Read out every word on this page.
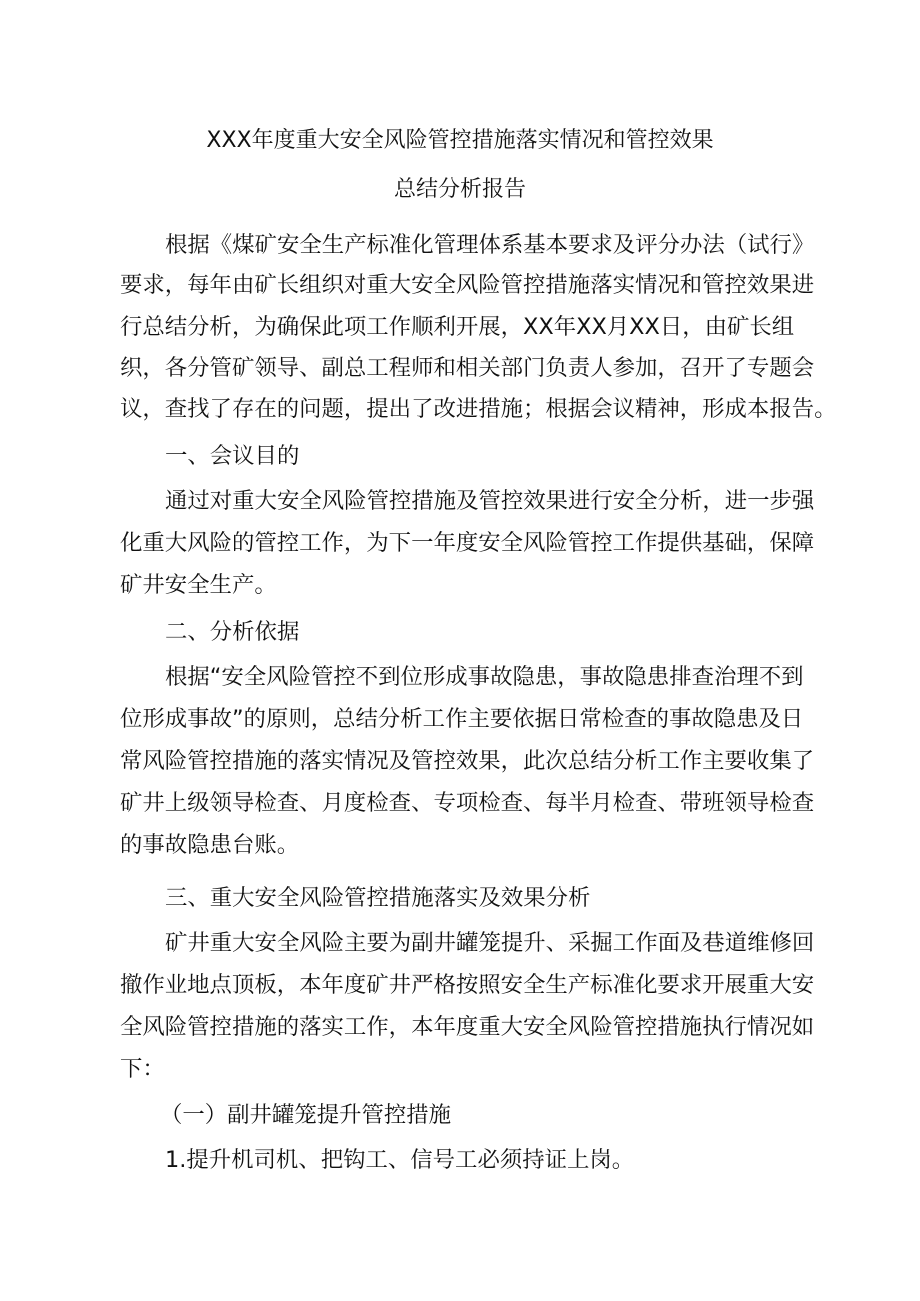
XXX年度重大安全风险管控措施落实情况和管控效果
总结分析报告
根据《煤矿安全生产标准化管理体系基本要求及评分办法（试行》
要求，每年由矿长组织对重大安全风险管控措施落实情况和管控效果进
行总结分析，为确保此项工作顺利开展，XX年XX月XX日，由矿长组
织，各分管矿领导、副总工程师和相关部门负责人参加，召开了专题会
议，查找了存在的问题，提出了改进措施；根据会议精神，形成本报告。
一、会议目的
通过对重大安全风险管控措施及管控效果进行安全分析，进一步强
化重大风险的管控工作，为下一年度安全风险管控工作提供基础，保障
矿井安全生产。
二、分析依据
根据“安全风险管控不到位形成事故隐患，事故隐患排查治理不到
位形成事故”的原则，总结分析工作主要依据日常检查的事故隐患及日
常风险管控措施的落实情况及管控效果，此次总结分析工作主要收集了
矿井上级领导检查、月度检查、专项检查、每半月检查、带班领导检查
的事故隐患台账。
三、重大安全风险管控措施落实及效果分析
矿井重大安全风险主要为副井罐笼提升、采掘工作面及巷道维修回
撤作业地点顶板，本年度矿井严格按照安全生产标准化要求开展重大安
全风险管控措施的落实工作，本年度重大安全风险管控措施执行情况如
下：
（一）副井罐笼提升管控措施
1.提升机司机、把钩工、信号工必须持证上岗。
